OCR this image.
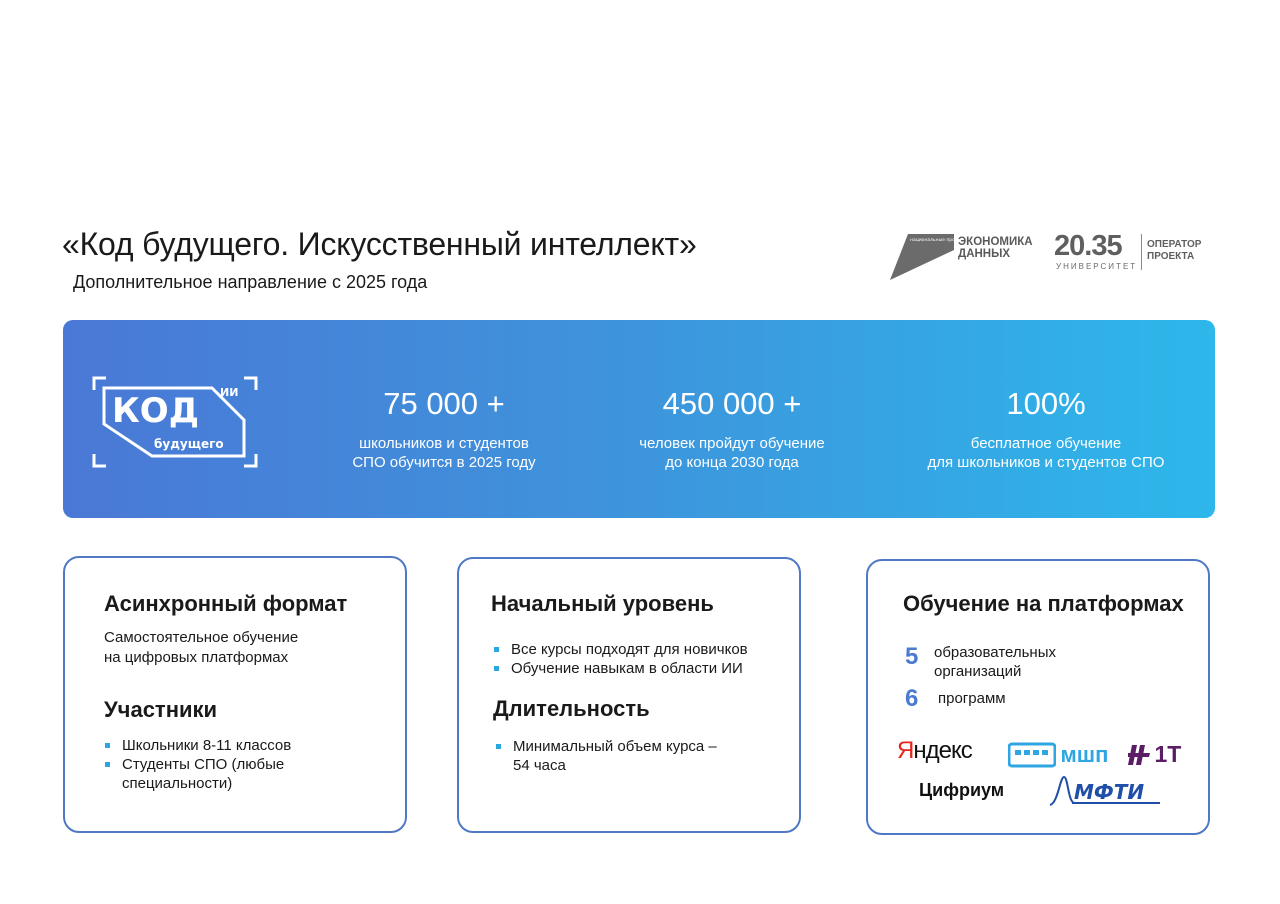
«Код будущего. Искусственный интеллект»
Дополнительное направление с 2025 года
национальные про ЭКОНОМИКА
ДАННЫХ	20.35
УНИВЕРСИТЕТ
ОПЕРАТОР
ПРОЕКТА
КОД ИИ
будущего
75 000 +
школьников и студентов
СПО обучится в 2025 году
450 000 +
человек пройдут обучение
до конца 2030 года
100%
бесплатное обучение
для школьников и студентов СПО
Асинхронный формат
Самостоятельное обучение
на цифровых платформах
Участники
Школьники 8-11 классов
Студенты СПО (любые
специальности)
Начальный уровень
Все курсы подходят для новичков
Обучение навыкам в области ИИ
Длительность
Минимальный объем курса –
54 часа
Обучение на платформах
5 образовательных
организаций
6 программ
Яндекс	мшп	1Т
Цифриум	МФТИ
